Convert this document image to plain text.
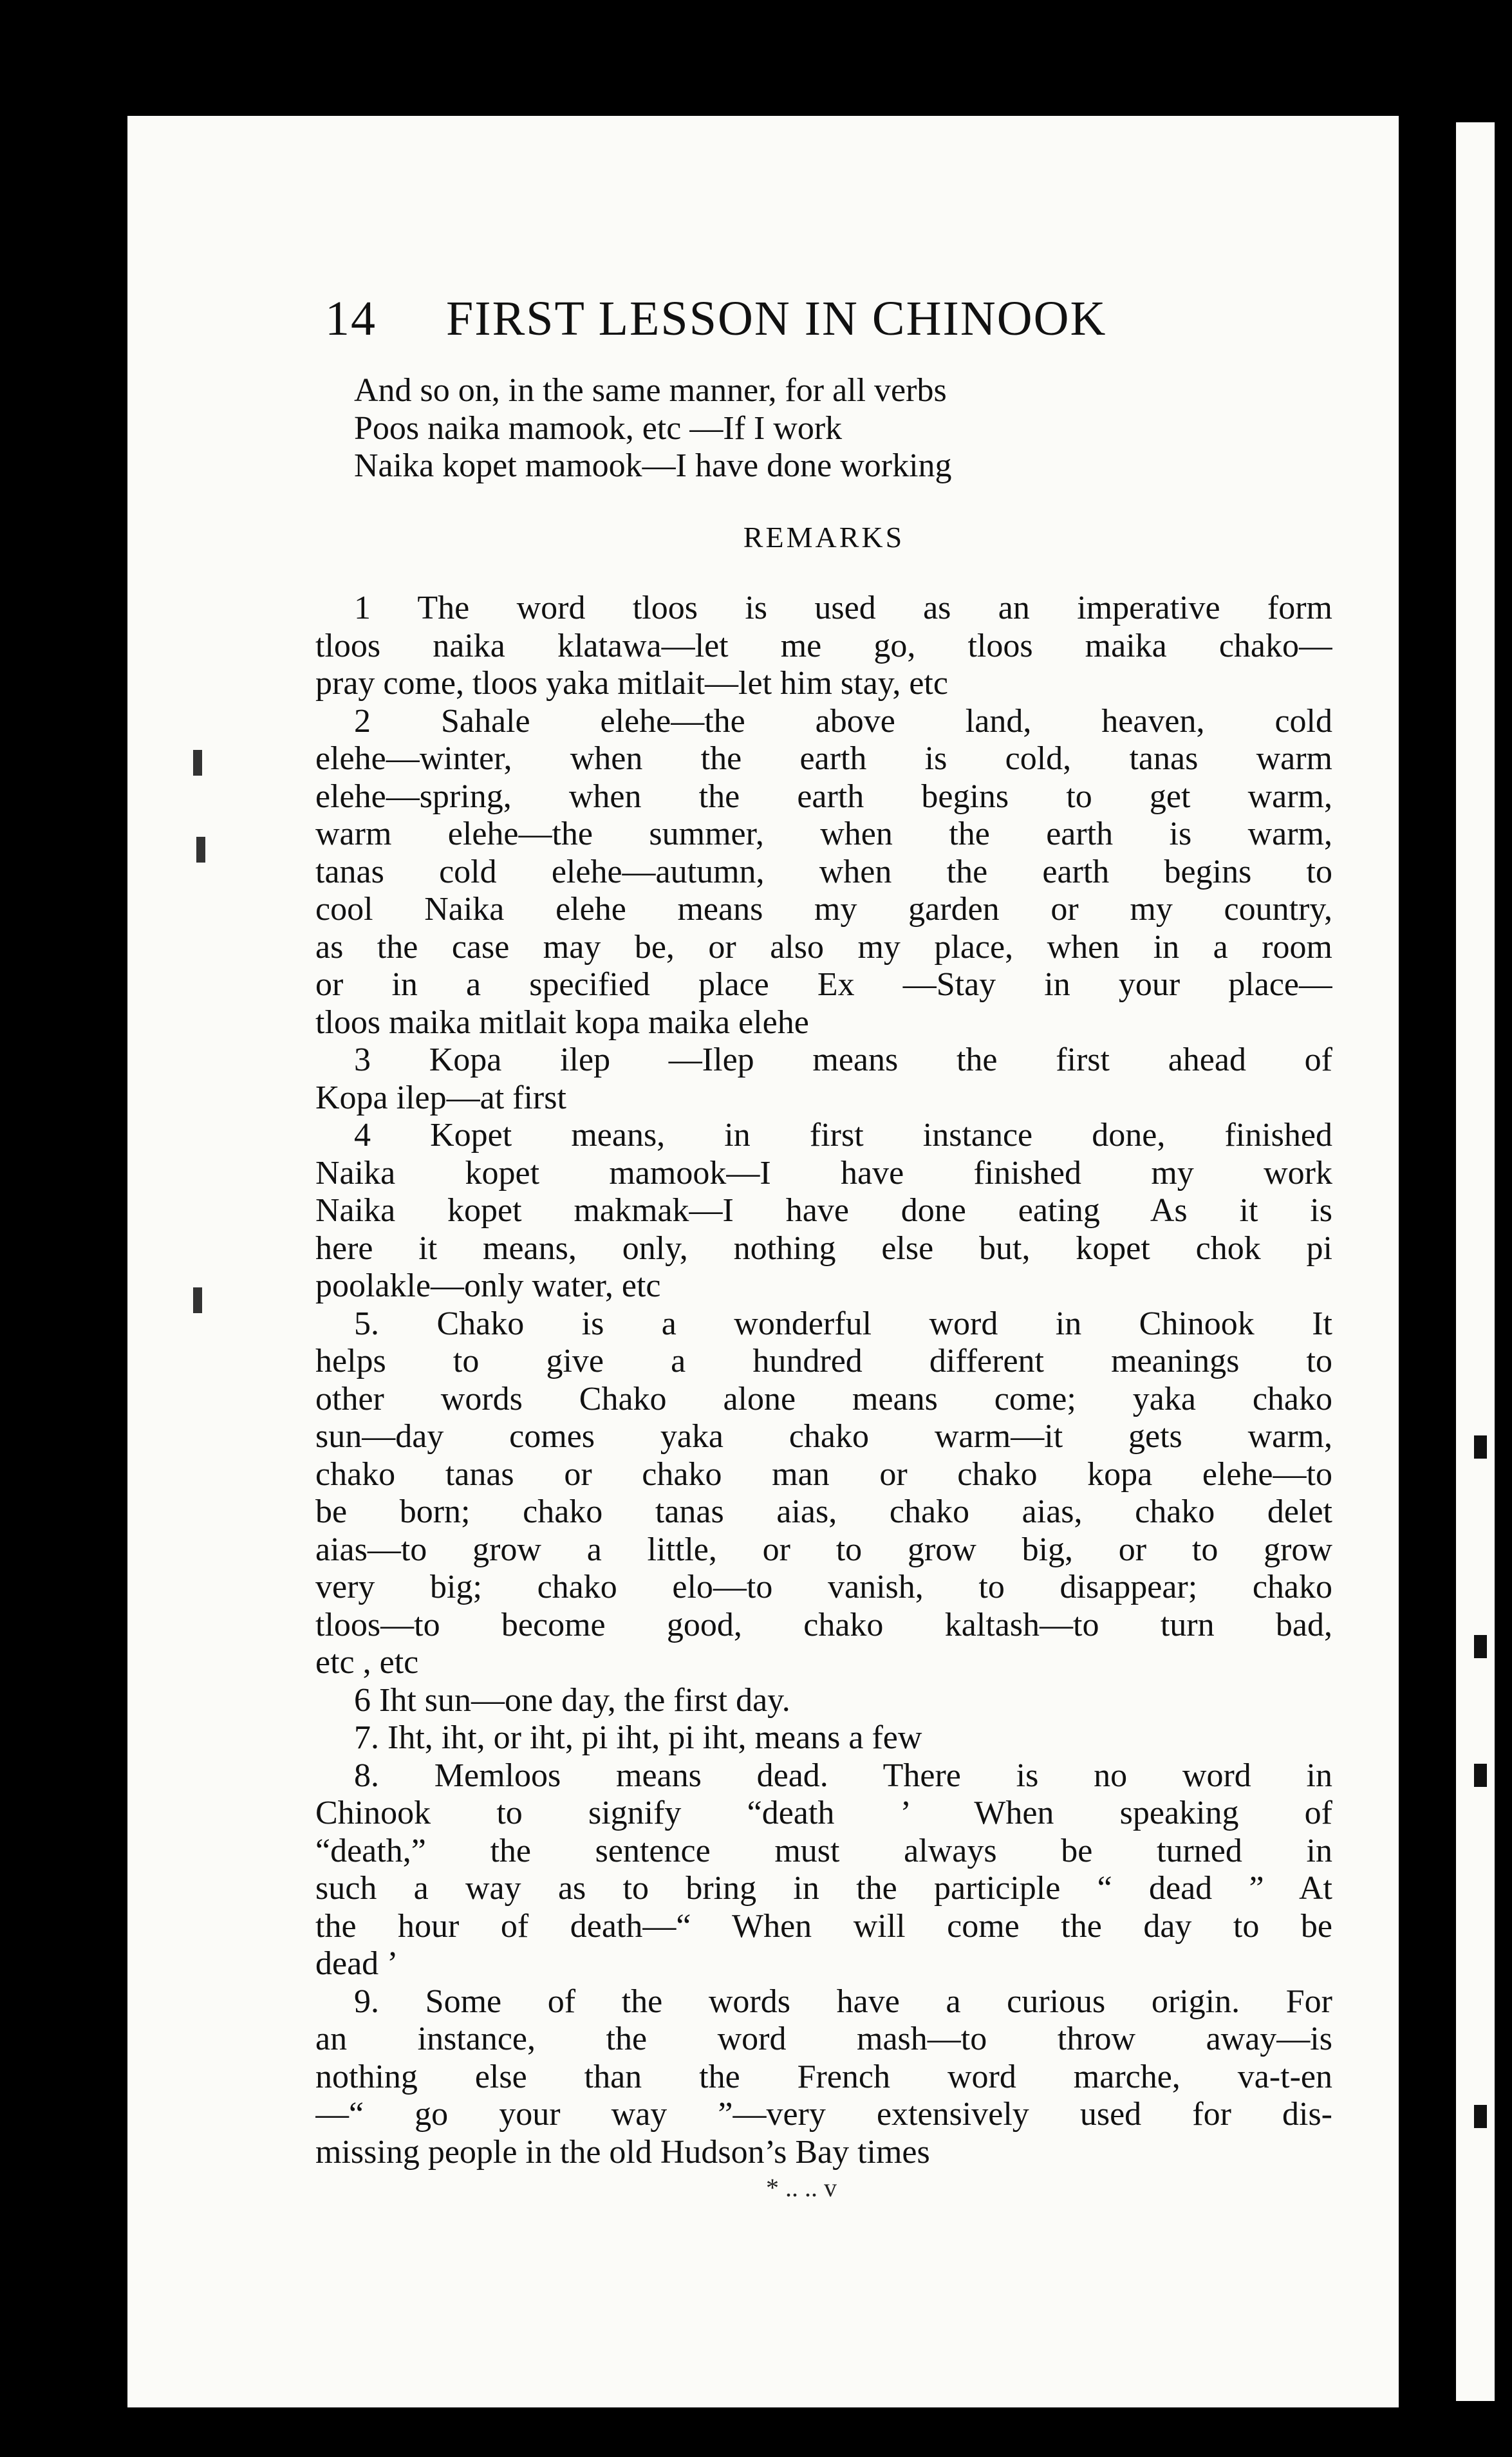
14 FIRST LESSON IN CHINOOK
And so on, in the same manner, for all verbs
Poos naika mamook, etc —If I work
Naika kopet mamook—I have done working
REMARKS
1 The word tloos is used as an imperative form
tloos naika klatawa—let me go, tloos maika chako—
pray come, tloos yaka mitlait—let him stay, etc
2 Sahale elehe—the above land, heaven, cold
elehe—winter, when the earth is cold, tanas warm
elehe—spring, when the earth begins to get warm,
warm elehe—the summer, when the earth is warm,
tanas cold elehe—autumn, when the earth begins to
cool Naika elehe means my garden or my country,
as the case may be, or also my place, when in a room
or in a specified place Ex —Stay in your place—
tloos maika mitlait kopa maika elehe
3 Kopa ilep —Ilep means the first ahead of
Kopa ilep—at first
4 Kopet means, in first instance done, finished
Naika kopet mamook—I have finished my work
Naika kopet makmak—I have done eating As it is
here it means, only, nothing else but, kopet chok pi
poolakle—only water, etc
5. Chako is a wonderful word in Chinook It
helps to give a hundred different meanings to
other words Chako alone means come; yaka chako
sun—day comes yaka chako warm—it gets warm,
chako tanas or chako man or chako kopa elehe—to
be born; chako tanas aias, chako aias, chako delet
aias—to grow a little, or to grow big, or to grow
very big; chako elo—to vanish, to disappear; chako
tloos—to become good, chako kaltash—to turn bad,
etc , etc
6 Iht sun—one day, the first day.
7. Iht, iht, or iht, pi iht, pi iht, means a few
8. Memloos means dead. There is no word in
Chinook to signify “death ’ When speaking of
“death,” the sentence must always be turned in
such a way as to bring in the participle “ dead ” At
the hour of death—“ When will come the day to be
dead ’
9. Some of the words have a curious origin. For
an instance, the word mash—to throw away—is
nothing else than the French word marche, va-t-en
—“ go your way ”—very extensively used for dis-
missing people in the old Hudson’s Bay times
* .. .. v
